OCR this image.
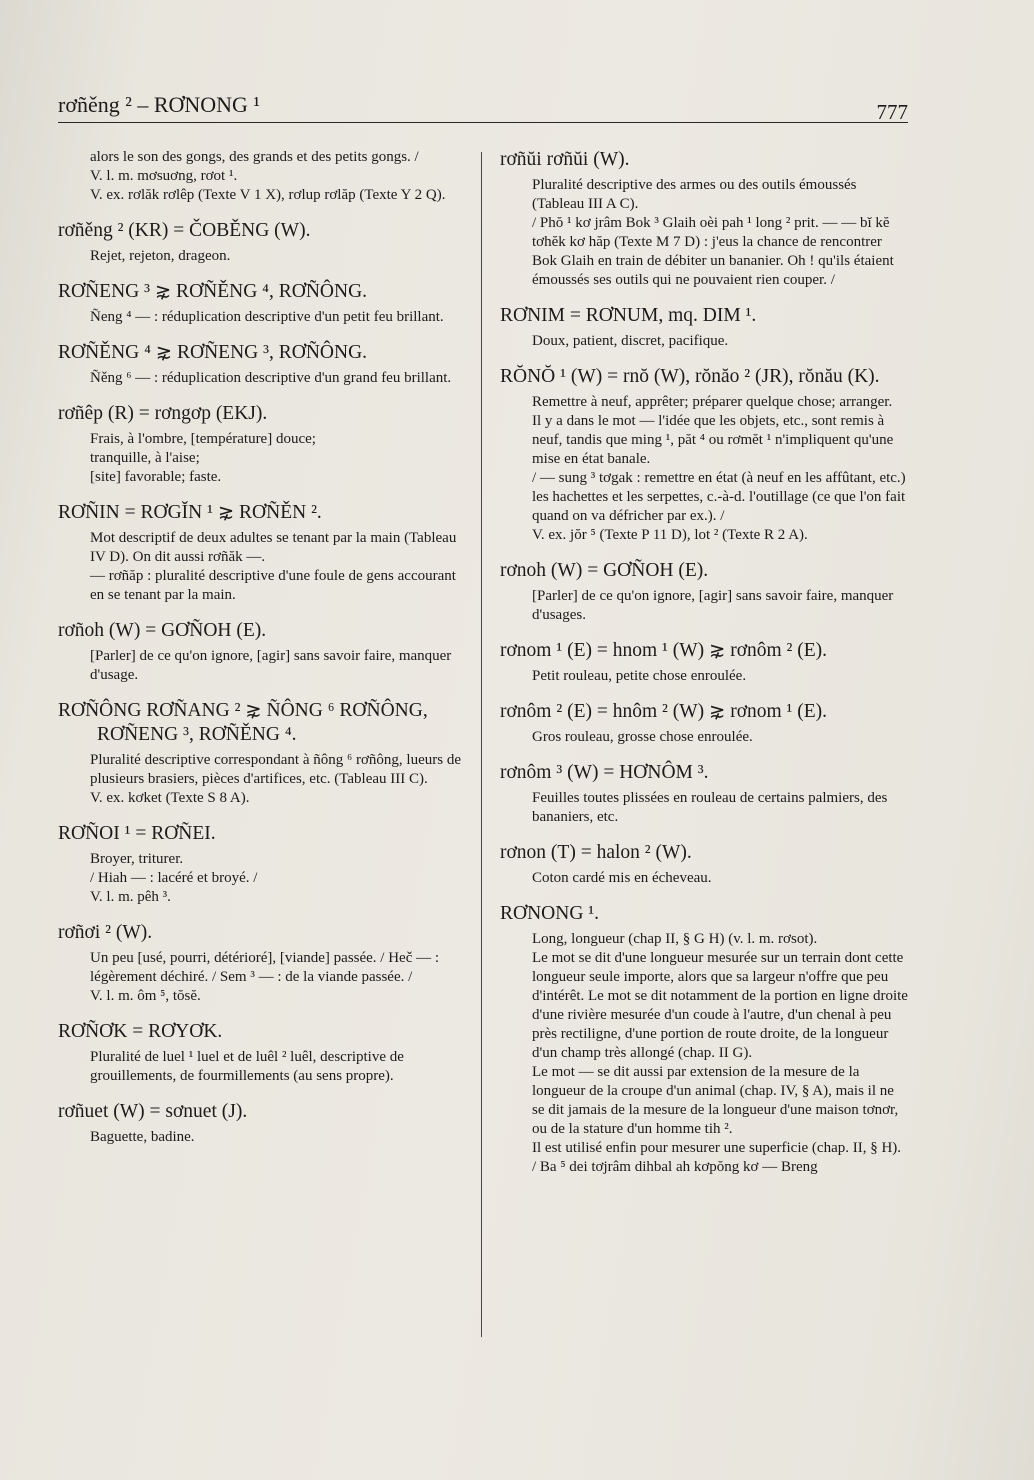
rơñěng ² – RƠNONG ¹	777

alors le son des gongs, des grands et des petits gongs. /

V. l. m. mơsuơng, rơot ¹.

V. ex. rơlăk rơlêp (Texte V 1 X), rơlup rơlăp (Texte Y 2 Q).

rơñěng ² (KR) = ČOBĚNG (W).

Rejet, rejeton, drageon.

RƠÑENG ³ ⋧ RƠÑĚNG ⁴, RƠÑÔNG.

Ñeng ⁴ — : réduplication descriptive d'un petit feu brillant.

RƠÑĚNG ⁴ ⋧ RƠÑENG ³, RƠÑÔNG.

Ñěng ⁶ — : réduplication descriptive d'un grand feu brillant.

rơñêp (R) = rơngơp (EKJ).

Frais, à l'ombre, [température] douce;

tranquille, à l'aise;

[site] favorable; faste.

RƠÑIN = RƠGĬN ¹ ⋧ RƠÑĚN ².

Mot descriptif de deux adultes se tenant par la main (Tableau IV D). On dit aussi rơñăk —.

— rơñăp : pluralité descriptive d'une foule de gens accourant en se tenant par la main.

rơñoh (W) = GƠÑOH (E).

[Parler] de ce qu'on ignore, [agir] sans savoir faire, manquer d'usage.

RƠÑÔNG RƠÑANG ² ⋧ ÑÔNG ⁶ RƠÑÔNG, RƠÑENG ³, RƠÑĚNG ⁴.

Pluralité descriptive correspondant à ñông ⁶ rơñông, lueurs de plusieurs brasiers, pièces d'artifices, etc. (Tableau III C).

V. ex. kơket (Texte S 8 A).

RƠÑOI ¹ = RƠÑEI.

Broyer, triturer.

/ Hiah — : lacéré et broyé. /

V. l. m. pêh ³.

rơñơi ² (W).

Un peu [usé, pourri, détérioré], [viande] passée. / Heč — : légèrement déchiré. / Sem ³ — : de la viande passée. /

V. l. m. ôm ⁵, tŏsĕ.

RƠÑƠK = RƠYƠK.

Pluralité de luel ¹ luel et de luêl ² luêl, descriptive de grouillements, de fourmillements (au sens propre).

rơñuet (W) = sơnuet (J).

Baguette, badine.

rơñŭi rơñŭi (W).

Pluralité descriptive des armes ou des outils émoussés (Tableau III A C).

/ Phŏ ¹ kơ jrâm Bok ³ Glaih oèi pah ¹ long ² prit. — — bĭ kĕ tơhĕk kơ hăp (Texte M 7 D) : j'eus la chance de rencontrer Bok Glaih en train de débiter un bananier. Oh ! qu'ils étaient émoussés ses outils qui ne pouvaient rien couper. /

RƠNIM = RƠNUM, mq. DIM ¹.

Doux, patient, discret, pacifique.

RŎNŎ ¹ (W) = rnŏ (W), rŏnăo ² (JR), rŏnău (K).

Remettre à neuf, apprêter; préparer quelque chose; arranger.

Il y a dans le mot — l'idée que les objets, etc., sont remis à neuf, tandis que ming ¹, păt ⁴ ou rơmĕt ¹ n'impliquent qu'une mise en état banale.

/ — sung ³ tơgak : remettre en état (à neuf en les affûtant, etc.) les hachettes et les serpettes, c.-à-d. l'outillage (ce que l'on fait quand on va défricher par ex.). /

V. ex. jŏr ⁵ (Texte P 11 D), lot ² (Texte R 2 A).

rơnoh (W) = GƠÑOH (E).

[Parler] de ce qu'on ignore, [agir] sans savoir faire, manquer d'usages.

rơnom ¹ (E) = hnom ¹ (W) ⋧ rơnôm ² (E).

Petit rouleau, petite chose enroulée.

rơnôm ² (E) = hnôm ² (W) ⋧ rơnom ¹ (E).

Gros rouleau, grosse chose enroulée.

rơnôm ³ (W) = HƠNÔM ³.

Feuilles toutes plissées en rouleau de certains palmiers, des bananiers, etc.

rơnon (T) = halon ² (W).

Coton cardé mis en écheveau.

RƠNONG ¹.

Long, longueur (chap II, § G H) (v. l. m. rơsot).

Le mot se dit d'une longueur mesurée sur un terrain dont cette longueur seule importe, alors que sa largeur n'offre que peu d'intérêt. Le mot se dit notamment de la portion en ligne droite d'une rivière mesurée d'un coude à l'autre, d'un chenal à peu près rectiligne, d'une portion de route droite, de la longueur d'un champ très allongé (chap. II G).

Le mot — se dit aussi par extension de la mesure de la longueur de la croupe d'un animal (chap. IV, § A), mais il ne se dit jamais de la mesure de la longueur d'une maison tơnơr, ou de la stature d'un homme tih ².

Il est utilisé enfin pour mesurer une superficie (chap. II, § H).

/ Ba ⁵ dei tơjrâm dihbal ah kơpŏng kơ — Breng
